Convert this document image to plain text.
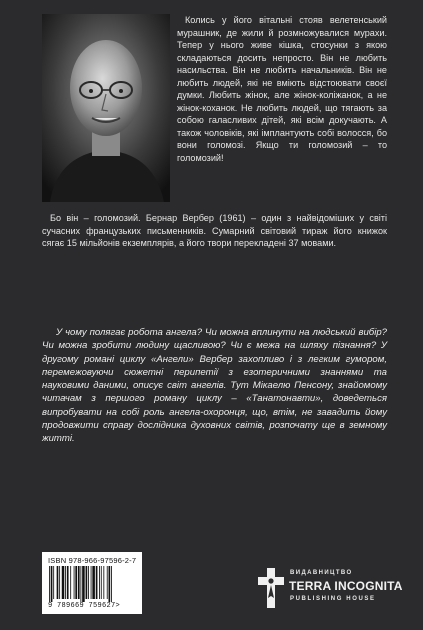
Колись у його вітальні стояв велетенський мурашник, де жили й розмножувалися мурахи. Тепер у нього живе кішка, стосунки з якою складаються досить непросто. Він не любить насильства. Він не любить начальників. Він не любить людей, які не вміють відстоювати своєї думки. Любить жінок, але жінок-коліжанок, а не жінок-коханок. Не любить людей, що тягають за собою галасливих дітей, які всім докучають. А також чоловіків, які імплантують собі волосся, бо вони голомозі. Якщо ти голомозий – то голомозий!

Бо він – голомозий. Бернар Вербер (1961) – один з найвідоміших у світі сучасних французьких письменників. Сумарний світовий тираж його книжок сягає 15 мільйонів екземплярів, а його твори перекладені 37 мовами.

У чому полягає робота ангела? Чи можна вплинути на людський вибір? Чи можна зробити людину щасливою? Чи є межа на шляху пізнання? У другому романі циклу «Ангели» Вербер захопливо і з легким гумором, перемежовуючи сюжетні перипетії з езотеричними знаннями та науковими даними, описує світ ангелів. Тут Мікаелю Пенсону, знайомому читачам з першого роману циклу – «Танатонавти», доведеться випробувати на собі роль ангела-охоронця, що, втім, не завадить йому продовжити справу дослідника духовних світів, розпочату ще в земному житті.

ISBN 978-966-97596-2-7
9 789669 759627>
ВИДАВНИЦТВО
TERRA INCOGNITA
PUBLISHING HOUSE
